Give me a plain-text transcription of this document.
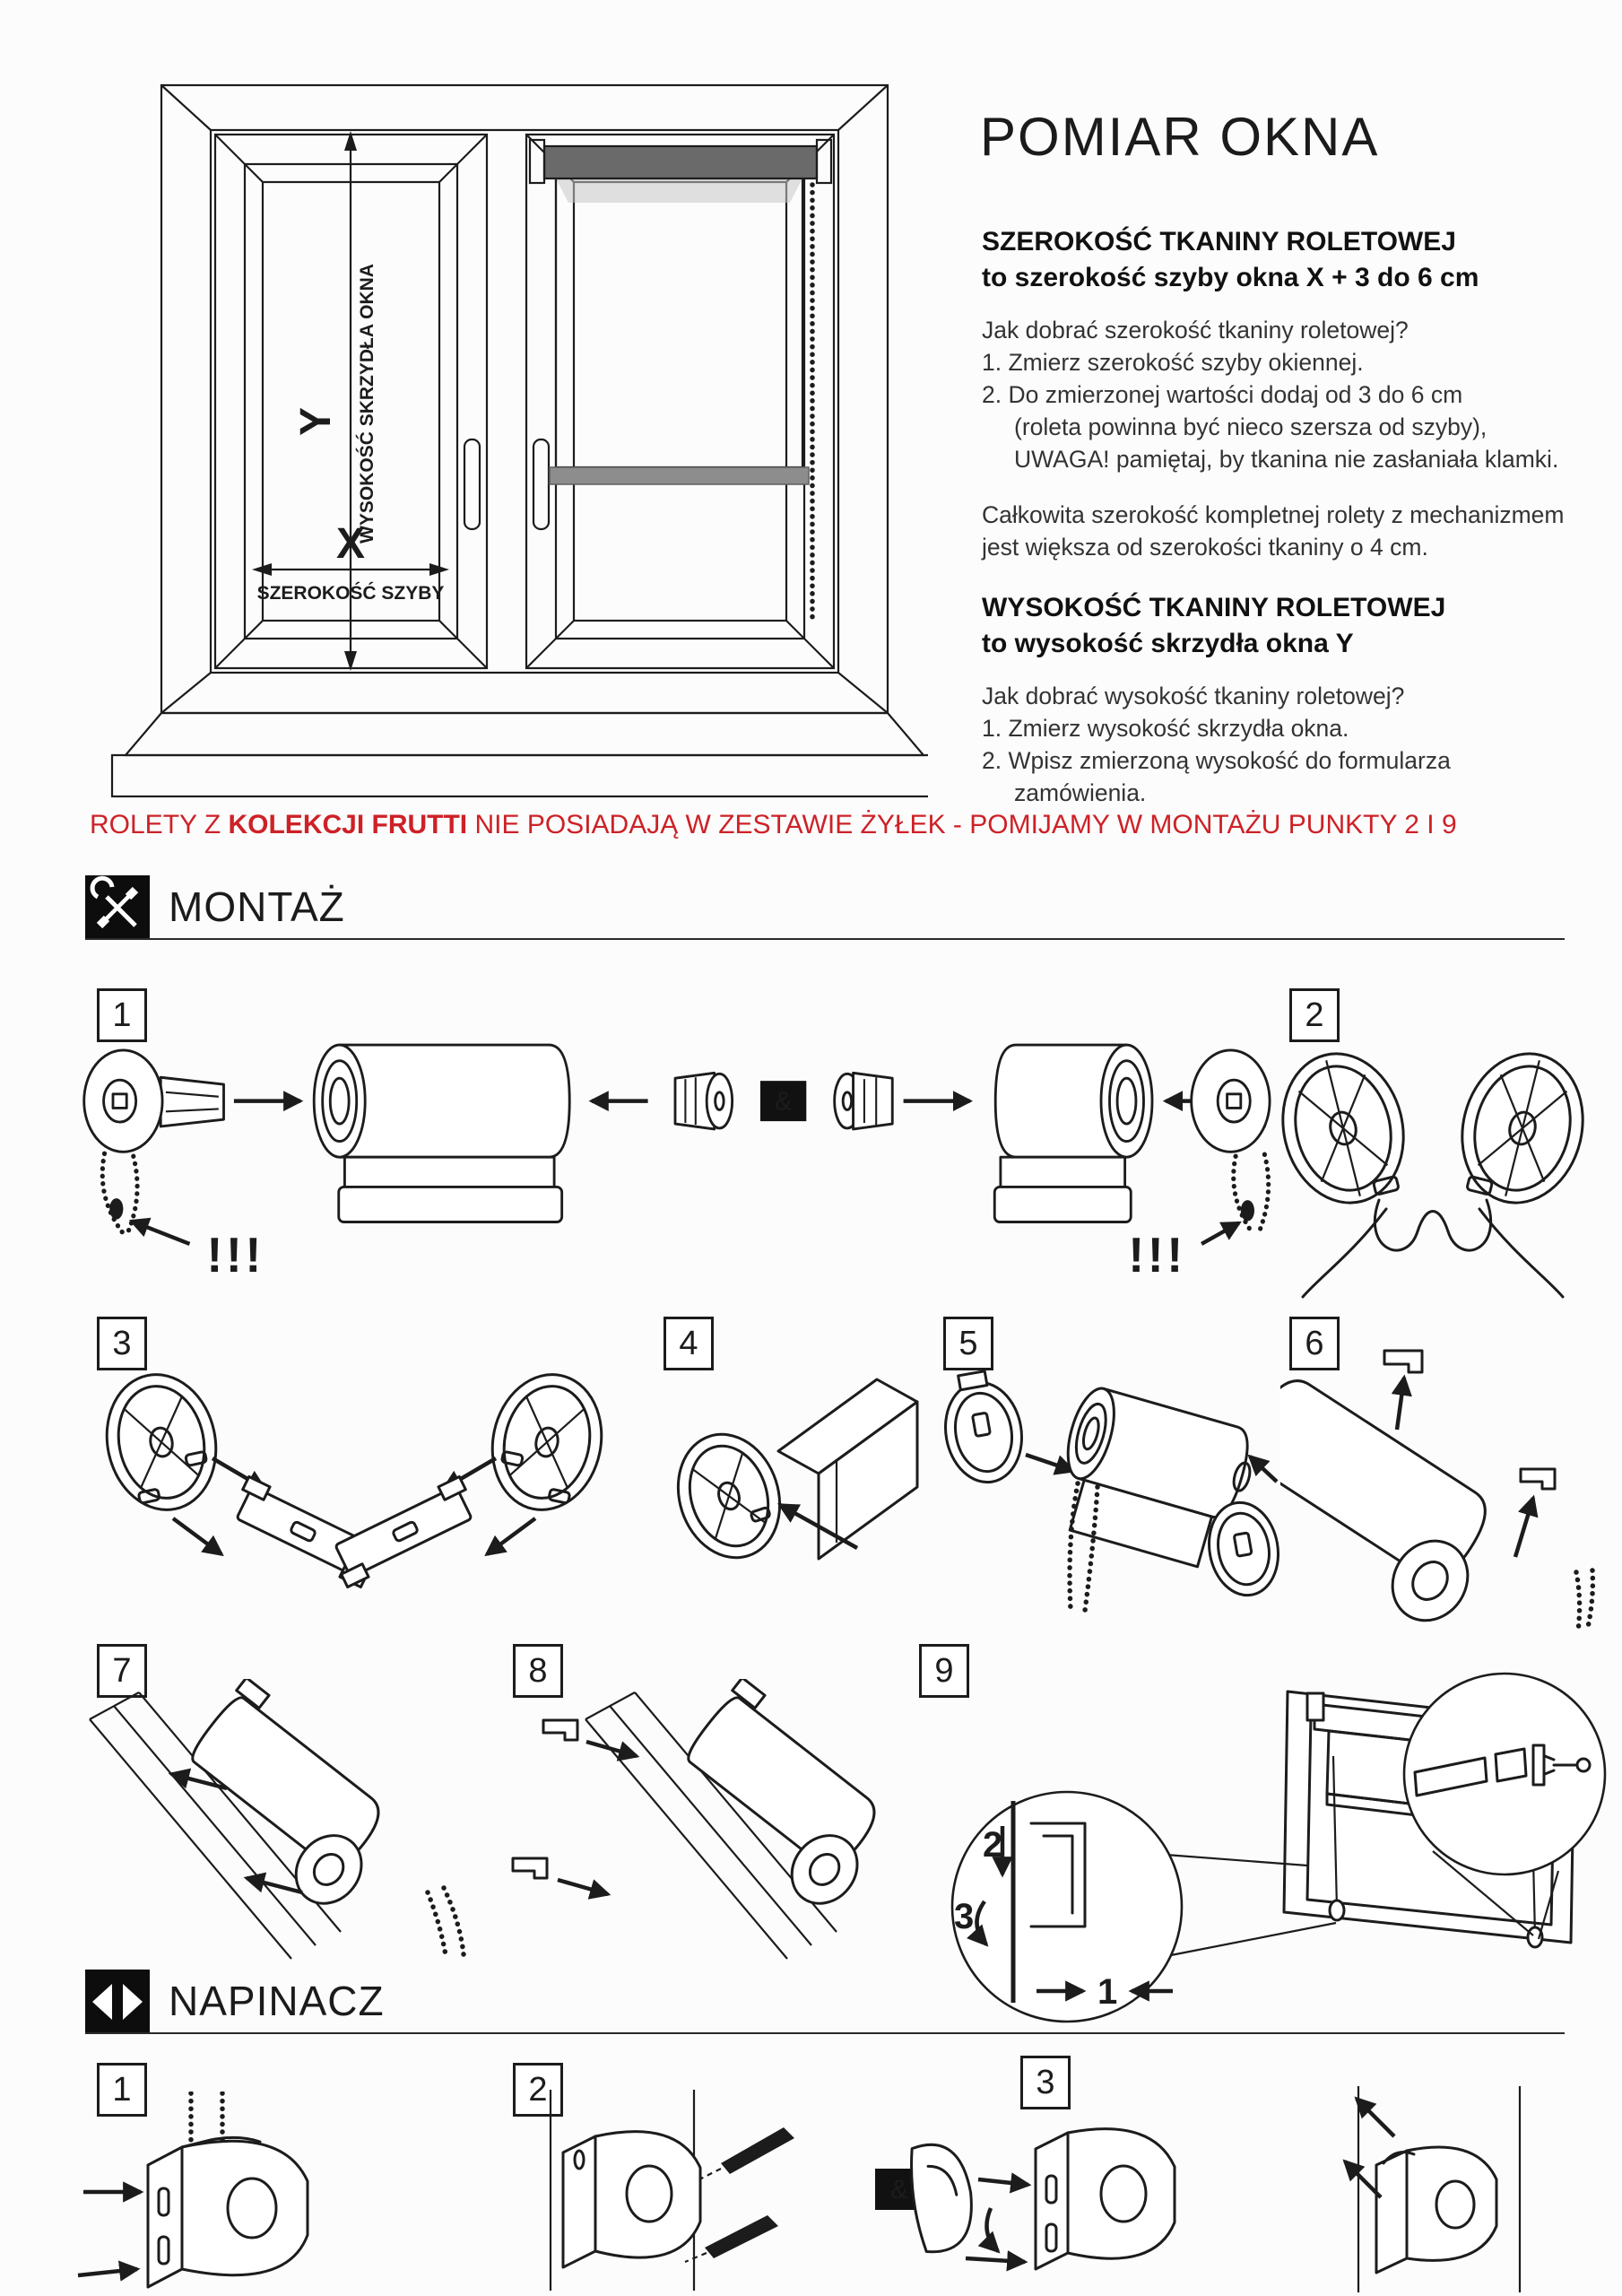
Y WYSOKOŚĆ SKRZYDŁA OKNA
X
SZEROKOŚĆ SZYBY
POMIAR OKNA
SZEROKOŚĆ TKANINY ROLETOWEJ
to szerokość szyby okna X + 3 do 6 cm
Jak dobrać szerokość tkaniny roletowej?
1. Zmierz szerokość szyby okiennej.
2. Do zmierzonej wartości dodaj od 3 do 6 cm
(roleta powinna być nieco szersza od szyby),
UWAGA! pamiętaj, by tkanina nie zasłaniała klamki.
Całkowita szerokość kompletnej rolety z mechanizmem
jest większa od szerokości tkaniny o 4 cm.
WYSOKOŚĆ TKANINY ROLETOWEJ
to wysokość skrzydła okna Y
Jak dobrać wysokość tkaniny roletowej?
1. Zmierz wysokość skrzydła okna.
2. Wpisz zmierzoną wysokość do formularza
zamówienia.
ROLETY Z KOLEKCJI FRUTTI NIE POSIADAJĄ W ZESTAWIE ŻYŁEK - POMIJAMY W MONTAŻU PUNKTY 2 I 9
MONTAŻ
1	2
3	4	5	6
7	8	9
&
!!!	!!!
2
3
1
NAPINACZ
1	2	3
&
